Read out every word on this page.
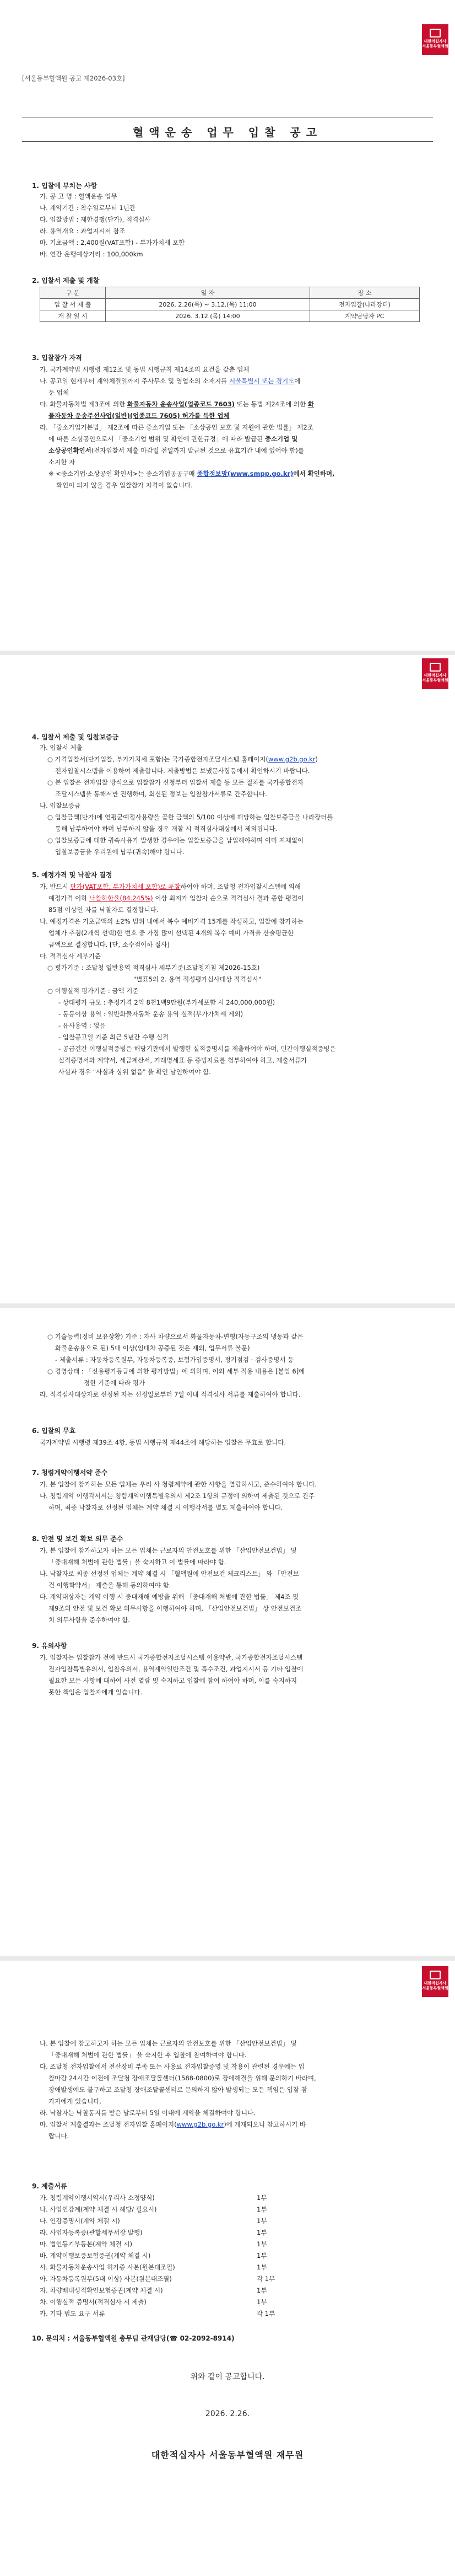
대한적십자사
서울동부혈액원
[서울동부혈액원 공고 제2026-03호]
혈액운송 업무 입찰 공고
1. 입찰에 부치는 사항
가. 공 고 명 : 혈액운송 업무
나. 계약기간 : 착수일로부터 1년간
다. 입찰방법 : 제한경쟁(단가), 적격심사
라. 용역개요 : 과업지시서 참조
마. 기초금액 : 2,400원(VAT포함) - 부가가치세 포함
바. 연간 운행예상거리 : 100,000km
2. 입찰서 제출 및 개찰
구 분	일 자	장 소
입 찰 서 제 출	2026. 2.26(목) ~ 3.12.(목) 11:00	전자입찰(나라장터)
개 찰 일 시	2026. 3.12.(목) 14:00	계약담당자 PC
3. 입찰참가 자격
가. 국가계약법 시행령 제12조 및 동법 시행규칙 제14조의 요건을 갖춘 업체
나. 공고일 현재부터 계약체결일까지 주사무소 및 영업소의 소재지를 서울특별시 또는 경기도에
둔 업체
다. 화물자동차법 제3조에 의한 화물자동차 운송사업(업종코드 7603) 또는 동법 제24조에 의한 화
물자동차 운송주선사업(일반)(업종코드 7605) 허가를 득한 업체
라. 「중소기업기본법」 제2조에 따른 중소기업 또는 「소상공인 보호 및 지원에 관한 법률」 제2조
에 따른 소상공인으로서 「중소기업 범위 및 확인에 관한규정」에 따라 발급된 중소기업 및
소상공인확인서(전자입찰서 제출 마감일 전일까지 발급된 것으로 유효기간 내에 있어야 함)를
소지한 자
※ <중소기업·소상공인 확인서>는 중소기업공공구매 종합정보망(www.smpp.go.kr)에서 확인하며,
확인이 되지 않을 경우 입찰참가 자격이 없습니다.
대한적십자사
서울동부혈액원
4. 입찰서 제출 및 입찰보증금
가. 입찰서 제출
○ 가격입찰서(단가입찰, 부가가치세 포함)는 국가종합전자조달시스템 홈페이지(www.g2b.go.kr)
전자입찰시스템을 이용하여 제출합니다. 제출방법은 보냈문사항등에서 확인하시기 바랍니다.
○ 본 입찰은 전자입찰 방식으로 입찰참가 신청부터 입찰서 제출 등 모든 절차를 국가종합전자
조달시스템을 통해서만 진행하며, 회신된 정보는 입찰참가서류로 간주합니다.
나. 입찰보증금
○ 입찰금액(단가)에 연평균예정사용량을 곱한 금액의 5/100 이상에 해당하는 입찰보증금을 나라장터를
통해 납부하여야 하며 납부하지 않을 경우 개찰 시 적격심사대상에서 제외됩니다.
○ 입찰보증금에 대한 귀속사유가 발생한 경우에는 입찰보증금을 납입해야하며 이미 지체없이
입찰보증금을 우리원에 납부(귀속)해야 합니다.
5. 예정가격 및 낙찰자 결정
가. 반드시 단가(VAT포함, 부가가치세 포함)로 투찰하여야 하며, 조달청 전자입찰시스템에 의해
예정가격 이하 낙찰하한율(84.245%) 이상 최저가 입찰자 순으로 적격심사 결과 종합 평점이
85점 이상인 자를 낙찰자로 결정합니다.
나. 예정가격은 기초금액의 ±2% 범위 내에서 복수 예비가격 15개를 작성하고, 입찰에 참가하는
업체가 추첨(2개씩 선택)한 번호 중 가장 많이 선택된 4개의 복수 예비 가격을 산술평균한
금액으로 결정합니다. [단, 소수점이하 절사]
다. 적격심사 세부기준
○ 평가기준 : 조달청 일반용역 적격심사 세부기준(조달청지침 제2026-15호)
"별표5의 2. 용역 적성평가심사대상 적격심사"
○ 이행실적 평가기준 : 금액 기준
- 상대평가 규모 : 추정가격 2억 8천1백9만원(부가세포함 시 240,000,000원)
- 동등이상 용역 : 일반화물자동차 운송 용역 실적(부가가치세 제외)
- 유사용역 : 없음
- 입찰공고일 기준 최근 5년간 수행 실적
- 공급건간 이행실적증빙은 해당기관에서 발행한 실적증명서를 제출하여야 하며, 민간이행실적증빙은
실적증명서와 계약서, 세금계산서, 거래명세표 등 증빙자료를 첨부하여야 하고, 제출서류가
사실과 경우 "사실과 상위 없음" 을 확인 날인하여야 함.
○ 기술능력(정비 보유상황) 기준 : 자사 차량으로서 화물자동차-변형(자동구조의 냉동과 같은
화물운송용으로 된) 5대 이상(임대차 공증된 것은 제외, 업무서류 불문)
- 제출서류 : 자동차등록원부, 자동차등록증, 보험가입증명서, 정기점검 · 검사증명서 등
○ 경영상태 : 「신용평가등급에 의한 평가방법」에 의하며, 이외 세부 적용 내용은 [붙임 6]에
정한 기준에 따라 평가
라. 적격심사대상자로 선정된 자는 선정일로부터 7일 이내 적격심사 서류를 제출하여야 합니다.
6. 입찰의 무효
국가계약법 시행령 제39조 4항, 동법 시행규칙 제44조에 해당하는 입찰은 무효로 합니다.
7. 청렴계약이행서약 준수
가. 본 입찰에 참가하는 모든 업체는 우리 사 청렴계약에 관한 사항을 열람하시고, 준수하여야 합니다.
나. 청렴계약 이행각서서는 청렴계약이행특별유의서 제2조 1항의 규정에 의하여 제출된 것으로 간주
하며, 최종 낙찰자로 선정된 업체는 계약 체결 시 이행각서를 별도 제출하여야 합니다.
8. 안전 및 보건 확보 의무 준수
가. 본 입찰에 참가하고자 하는 모든 업체는 근로자의 안전보호를 위한 「산업안전보건법」 및
「중대재해 처벌에 관한 법률」을 숙지하고 이 법률에 따라야 함.
나. 낙찰자로 최종 선정된 업체는 계약 체결 시 「혈액원에 안전보건 체크리스트」 와 「안전보
건 이행확약서」 제출을 통해 동의하여야 함.
다. 계약대상자는 계약 이행 시 중대재해 예방을 위해 「중대재해 처벌에 관한 법률」 제4조 및
제9조의 안전 및 보건 확보 의무사항을 이행하여야 하며, 「산업안전보건법」 상 안전보건조
치 의무사항을 준수하여야 함.
9. 유의사항
가. 입찰자는 입찰참가 전에 반드시 국가종합전자조달시스템 이용약관, 국가종합전자조달시스템
전자입찰특별유의서, 입찰유의서, 용역계약일반조건 및 특수조건, 과업지시서 등 기타 입찰에
필요한 모든 사항에 대하여 사전 열람 및 숙지하고 입찰에 참여 하여야 하며, 이를 숙지하지
못한 책임은 입찰자에게 있습니다.
대한적십자사
서울동부혈액원
나. 본 입찰에 참고하고자 하는 모든 업체는 근로자의 안전보호를 위한 「산업안전보건법」 및
「중대재해 처벌에 관한 법률」 을 숙지한 후 입찰에 참여하여야 합니다.
다. 조달청 전자입찰에서 전산장비 부족 또는 사용료 전자입찰증명 및 착용이 관련된 경우에는 입
찰마감 24시간 이전에 조달청 장애조달콜센터(1588-0800)로 장애해결을 위해 문의하기 바라며,
장애발생에도 불구하고 조달청 장애조달콜센터로 문의하지 않아 발생되는 모든 책임은 입찰 참
가자에게 있습니다.
라. 낙찰자는 낙찰통지를 받은 날로부터 5일 이내에 계약을 체결하여야 합니다.
마. 입찰서 제출결과는 조달청 전자입찰 홈페이지(www.g2b.go.kr)에 게재되오니 참고하시기 바
랍니다.
9. 제출서류
가. 청렴계약이행서약서(우리사 소정양식)	1부
나. 사업인감계(계약 체결 시 해당/ 필요시)	1부
다. 인감증명서(계약 체결 시)	1부
라. 사업자등록증(관할세무서장 발행)	1부
마. 법인등기부등본(계약 체결 시)	1부
바. 계약이행보증보험증권(계약 체결 시)	1부
사. 화물자동차운송사업 허가증 사본(원본대조필)	1부
아. 자동차등록원부(5대 이상) 사본(원본대조필)	각 1부
자. 차량배내성적확인보험증권(계약 체결 시)	1부
차. 이행실적 증명서(적격심사 시 제출)	1부
카. 기타 법도 요구 서류	각 1부
10. 문의처 : 서울동부혈액원 총무팀 관재담당(☎ 02-2092-8914)
위와 같이 공고합니다.
2026. 2.26.
대한적십자사 서울동부혈액원 재무원
